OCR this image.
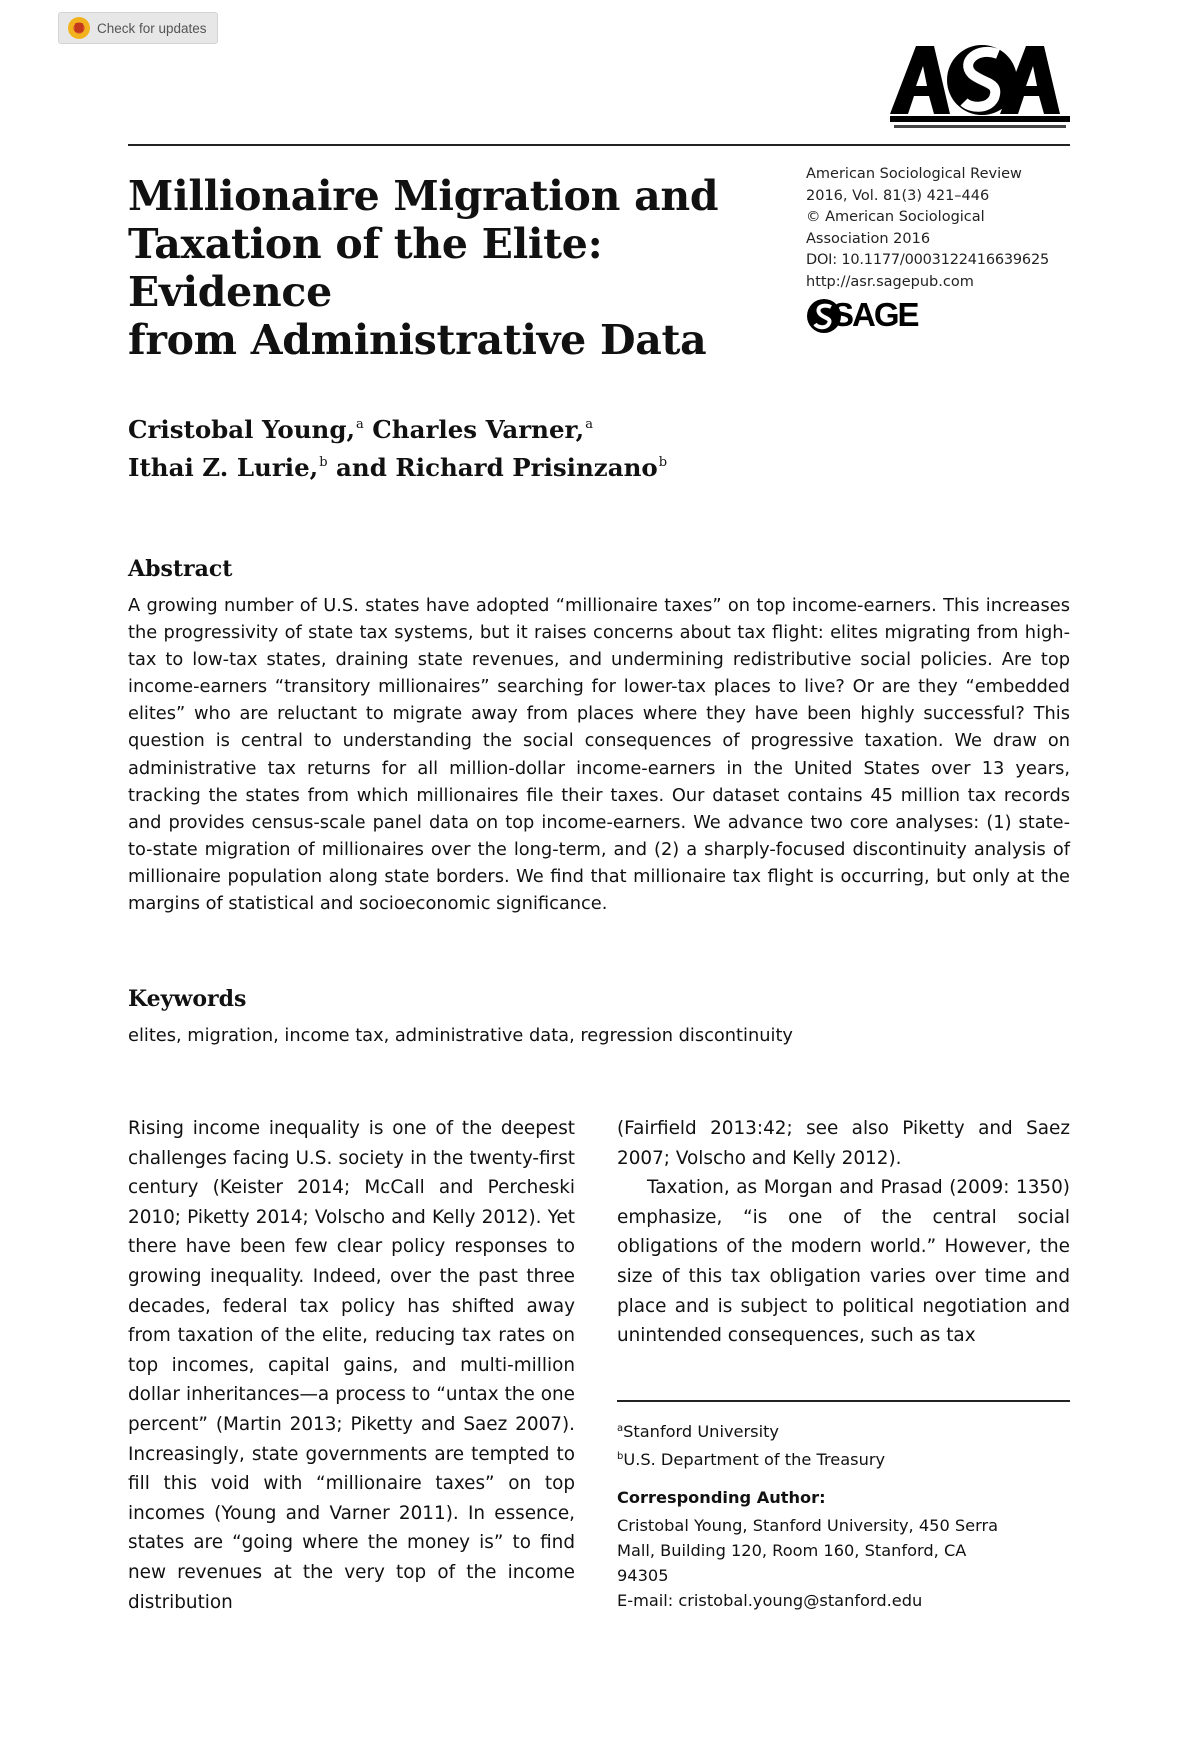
Check for updates
Millionaire Migration and
Taxation of the Elite: Evidence
from Administrative Data
American Sociological Review
2016, Vol. 81(3) 421–446
© American Sociological
Association 2016
DOI: 10.1177/0003122416639625
http://asr.sagepub.com
SAGE
Cristobal Young,$^a$ Charles Varner,$^a$
Ithai Z. Lurie,$^b$ and Richard Prisinzano$^b$
Abstract

A growing number of U.S. states have adopted “millionaire taxes” on top income-earners. This increases the progressivity of state tax systems, but it raises concerns about tax flight: elites migrating from high-tax to low-tax states, draining state revenues, and undermining redistributive social policies. Are top income-earners “transitory millionaires” searching for lower-tax places to live? Or are they “embedded elites” who are reluctant to migrate away from places where they have been highly successful? This question is central to understanding the social consequences of progressive taxation. We draw on administrative tax returns for all million-dollar income-earners in the United States over 13 years, tracking the states from which millionaires file their taxes. Our dataset contains 45 million tax records and provides census-scale panel data on top income-earners. We advance two core analyses: (1) state-to-state migration of millionaires over the long-term, and (2) a sharply-focused discontinuity analysis of millionaire population along state borders. We find that millionaire tax flight is occurring, but only at the margins of statistical and socioeconomic significance.

Keywords

elites, migration, income tax, administrative data, regression discontinuity

Rising income inequality is one of the deepest challenges facing U.S. society in the twenty-first century (Keister 2014; McCall and Percheski 2010; Piketty 2014; Volscho and Kelly 2012). Yet there have been few clear policy responses to growing inequality. Indeed, over the past three decades, federal tax policy has shifted away from taxation of the elite, reducing tax rates on top incomes, capital gains, and multi-million dollar inheritances—a process to “untax the one percent” (Martin 2013; Piketty and Saez 2007). Increasingly, state governments are tempted to fill this void with “millionaire taxes” on top incomes (Young and Varner 2011). In essence, states are “going where the money is” to find new revenues at the very top of the income distribution

(Fairfield 2013:42; see also Piketty and Saez 2007; Volscho and Kelly 2012).
Taxation, as Morgan and Prasad (2009: 1350) emphasize, “is one of the central social obligations of the modern world.” However, the size of this tax obligation varies over time and place and is subject to political negotiation and unintended consequences, such as tax
$^a$Stanford University
$^b$U.S. Department of the Treasury
Corresponding Author:

Cristobal Young, Stanford University, 450 Serra
Mall, Building 120, Room 160, Stanford, CA
94305
E-mail: cristobal.young@stanford.edu
